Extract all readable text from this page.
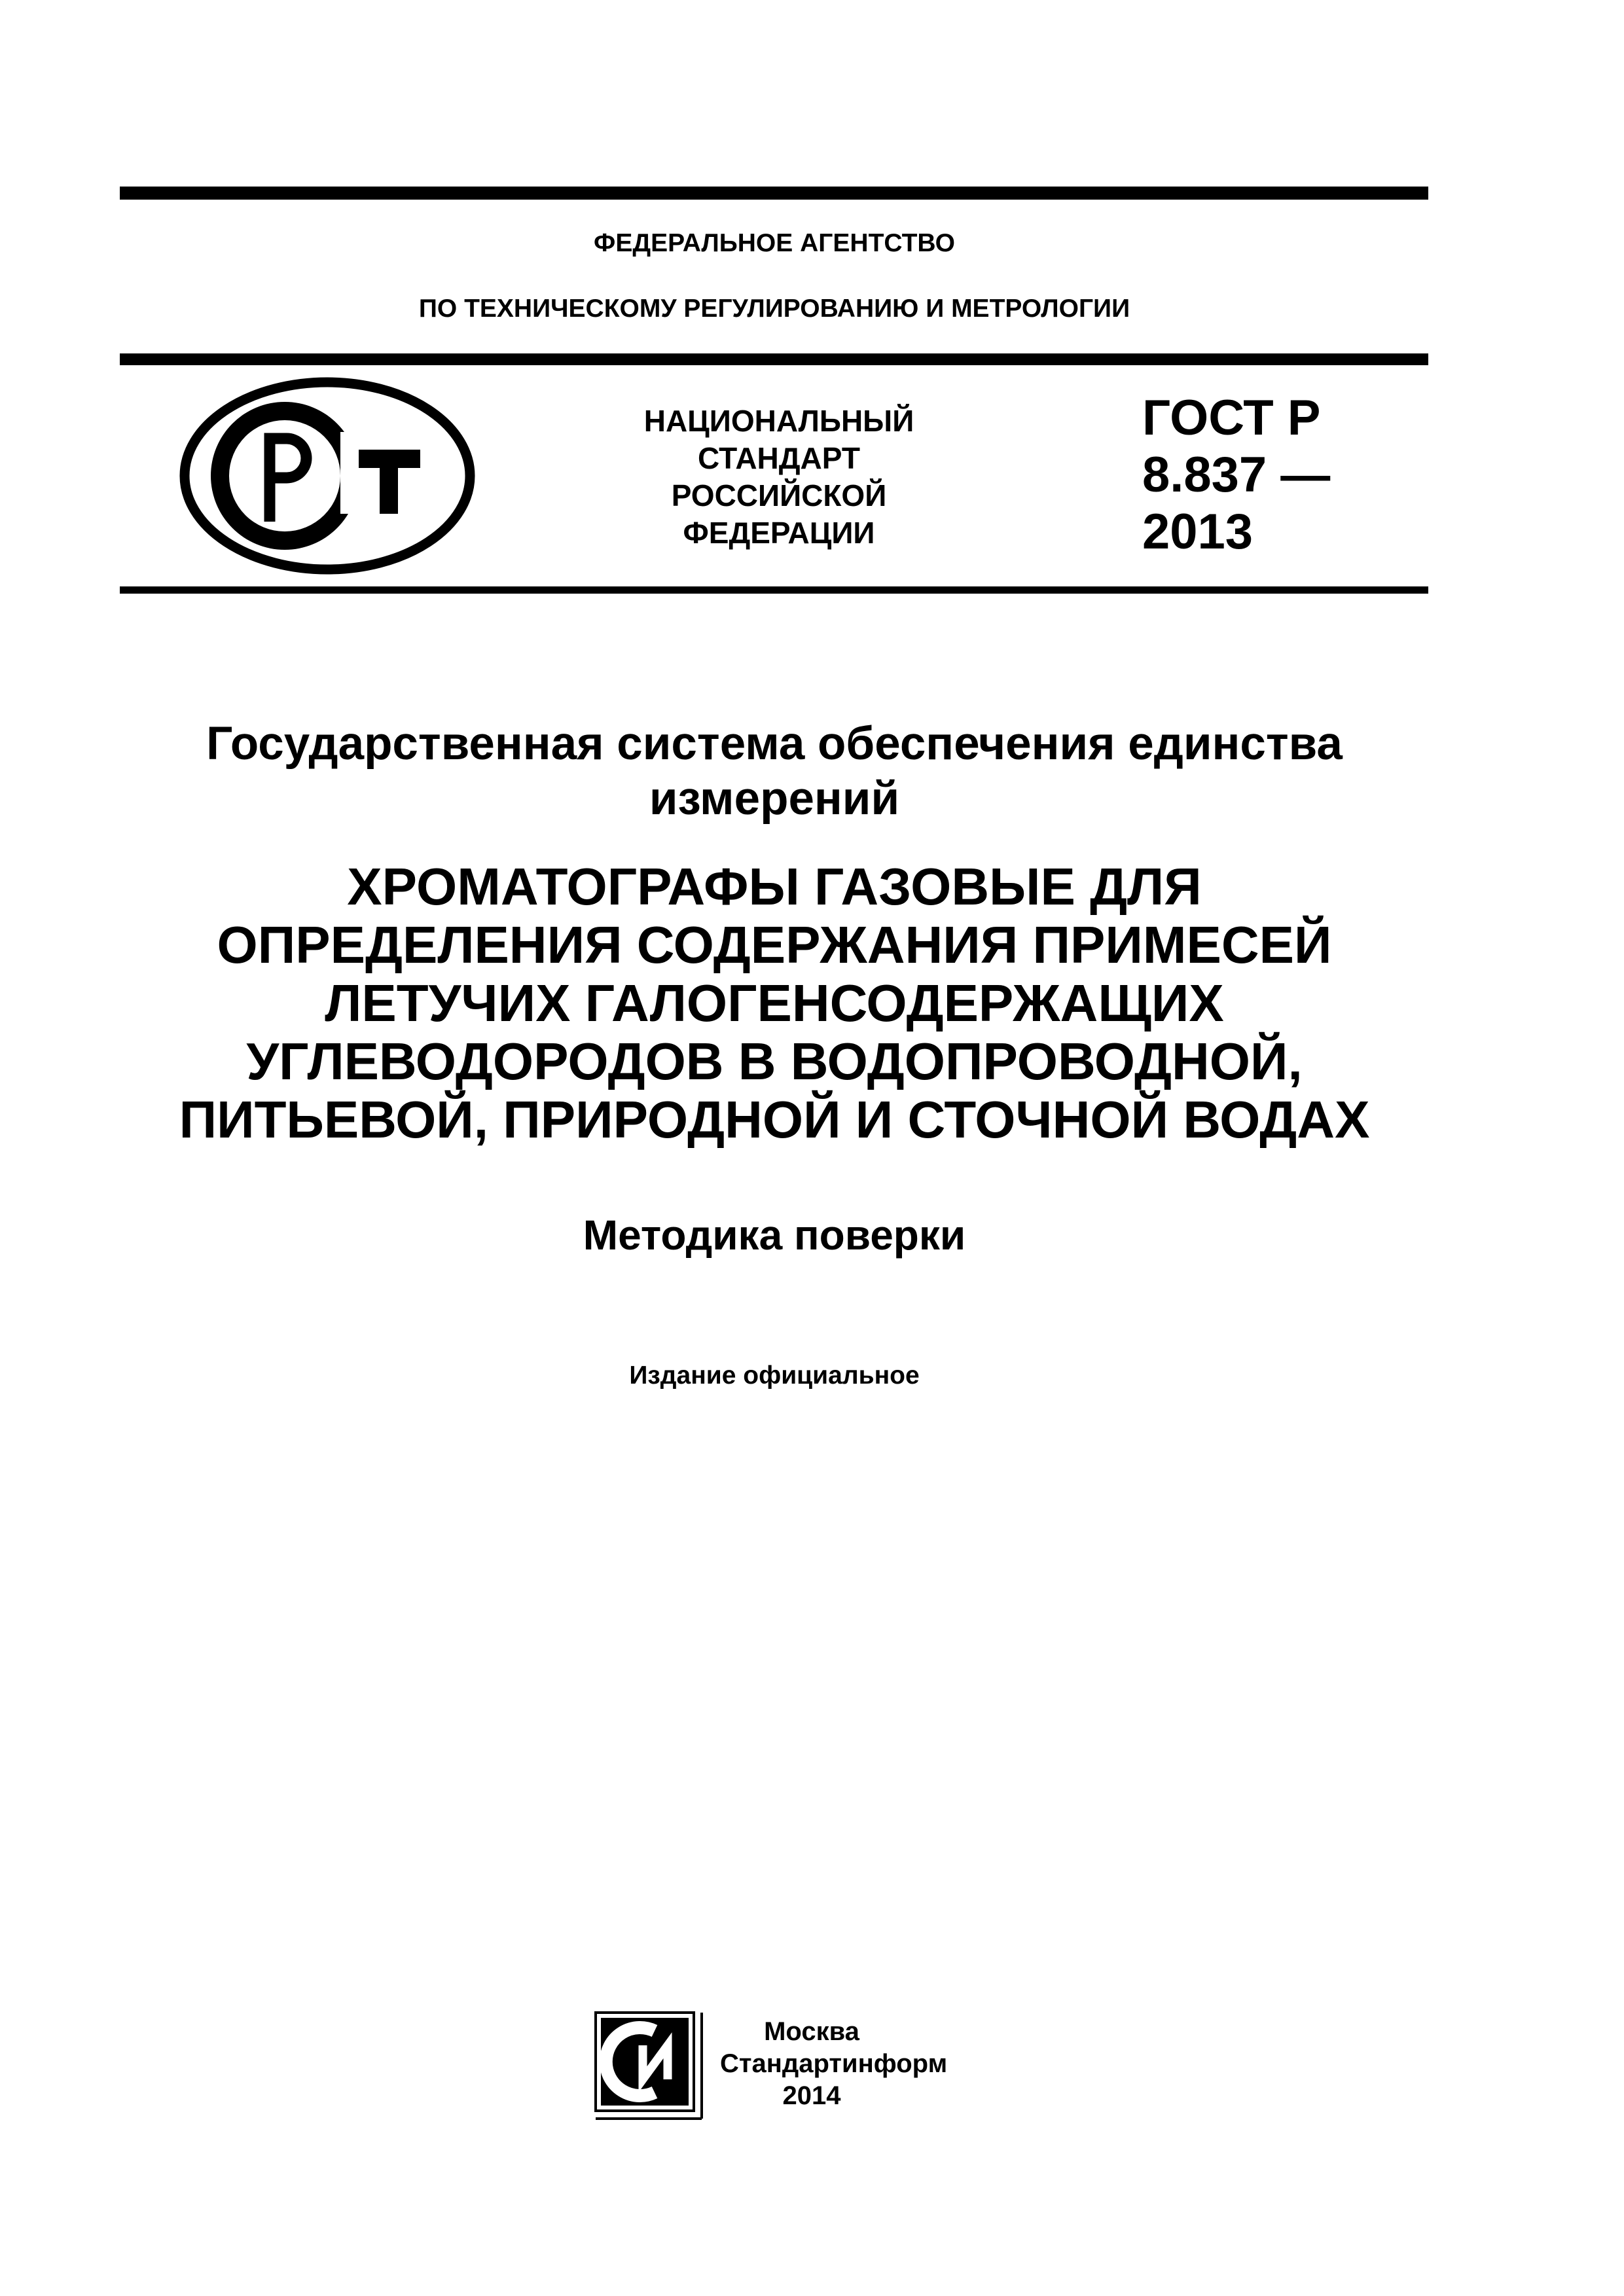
ФЕДЕРАЛЬНОЕ АГЕНТСТВО
ПО ТЕХНИЧЕСКОМУ РЕГУЛИРОВАНИЮ И МЕТРОЛОГИИ
НАЦИОНАЛЬНЫЙ
СТАНДАРТ
РОССИЙСКОЙ
ФЕДЕРАЦИИ
ГОСТ Р
8.837 —
2013
Государственная система обеспечения единства измерений
ХРОМАТОГРАФЫ ГАЗОВЫЕ ДЛЯ
ОПРЕДЕЛЕНИЯ СОДЕРЖАНИЯ ПРИМЕСЕЙ
ЛЕТУЧИХ ГАЛОГЕНСОДЕРЖАЩИХ
УГЛЕВОДОРОДОВ В ВОДОПРОВОДНОЙ,
ПИТЬЕВОЙ, ПРИРОДНОЙ И СТОЧНОЙ ВОДАХ
Методика поверки
Издание официальное
Москва
Стандартинформ
2014
